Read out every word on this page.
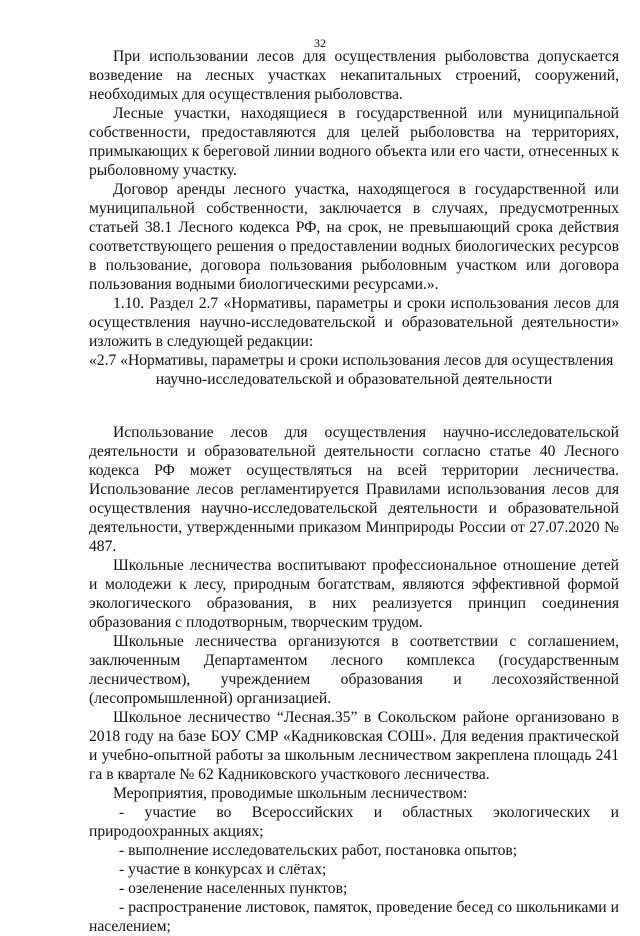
32

При использовании лесов для осуществления рыболовства допускается возведение на лесных участках некапитальных строений, сооружений, необходимых для осуществления рыболовства.

Лесные участки, находящиеся в государственной или муниципальной собственности, предоставляются для целей рыболовства на территориях, примыкающих к береговой линии водного объекта или его части, отнесенных к рыболовному участку.

Договор аренды лесного участка, находящегося в государственной или муниципальной собственности, заключается в случаях, предусмотренных статьей 38.1 Лесного кодекса РФ, на срок, не превышающий срока действия соответствующего решения о предоставлении водных биологических ресурсов в пользование, договора пользования рыболовным участком или договора пользования водными биологическими ресурсами.».

1.10. Раздел 2.7 «Нормативы, параметры и сроки использования лесов для осуществления научно-исследовательской и образовательной деятельности» изложить в следующей редакции:

«2.7 «Нормативы, параметры и сроки использования лесов для осуществления

научно-исследовательской и образовательной деятельности

Использование лесов для осуществления научно-исследовательской деятельности и образовательной деятельности согласно статье 40 Лесного кодекса РФ может осуществляться на всей территории лесничества. Использование лесов регламентируется Правилами использования лесов для осуществления научно-исследовательской деятельности и образовательной деятельности, утвержденными приказом Минприроды России от 27.07.2020 № 487.

Школьные лесничества воспитывают профессиональное отношение детей и молодежи к лесу, природным богатствам, являются эффективной формой экологического образования, в них реализуется принцип соединения образования с плодотворным, творческим трудом.

Школьные лесничества организуются в соответствии с соглашением, заключенным Департаментом лесного комплекса (государственным лесничеством), учреждением образования и лесохозяйственной (лесопромышленной) организацией.

Школьное лесничество “Лесная.35” в Сокольском районе организовано в 2018 году на базе БОУ СМР «Кадниковская СОШ». Для ведения практической и учебно-опытной работы за школьным лесничеством закреплена площадь 241 га в квартале № 62 Кадниковского участкового лесничества.

Мероприятия, проводимые школьным лесничеством:

- участие во Всероссийских и областных экологических и природоохранных акциях;

- выполнение исследовательских работ, постановка опытов;

- участие в конкурсах и слётах;

- озеленение населенных пунктов;

- распространение листовок, памяток, проведение бесед со школьниками и населением;
